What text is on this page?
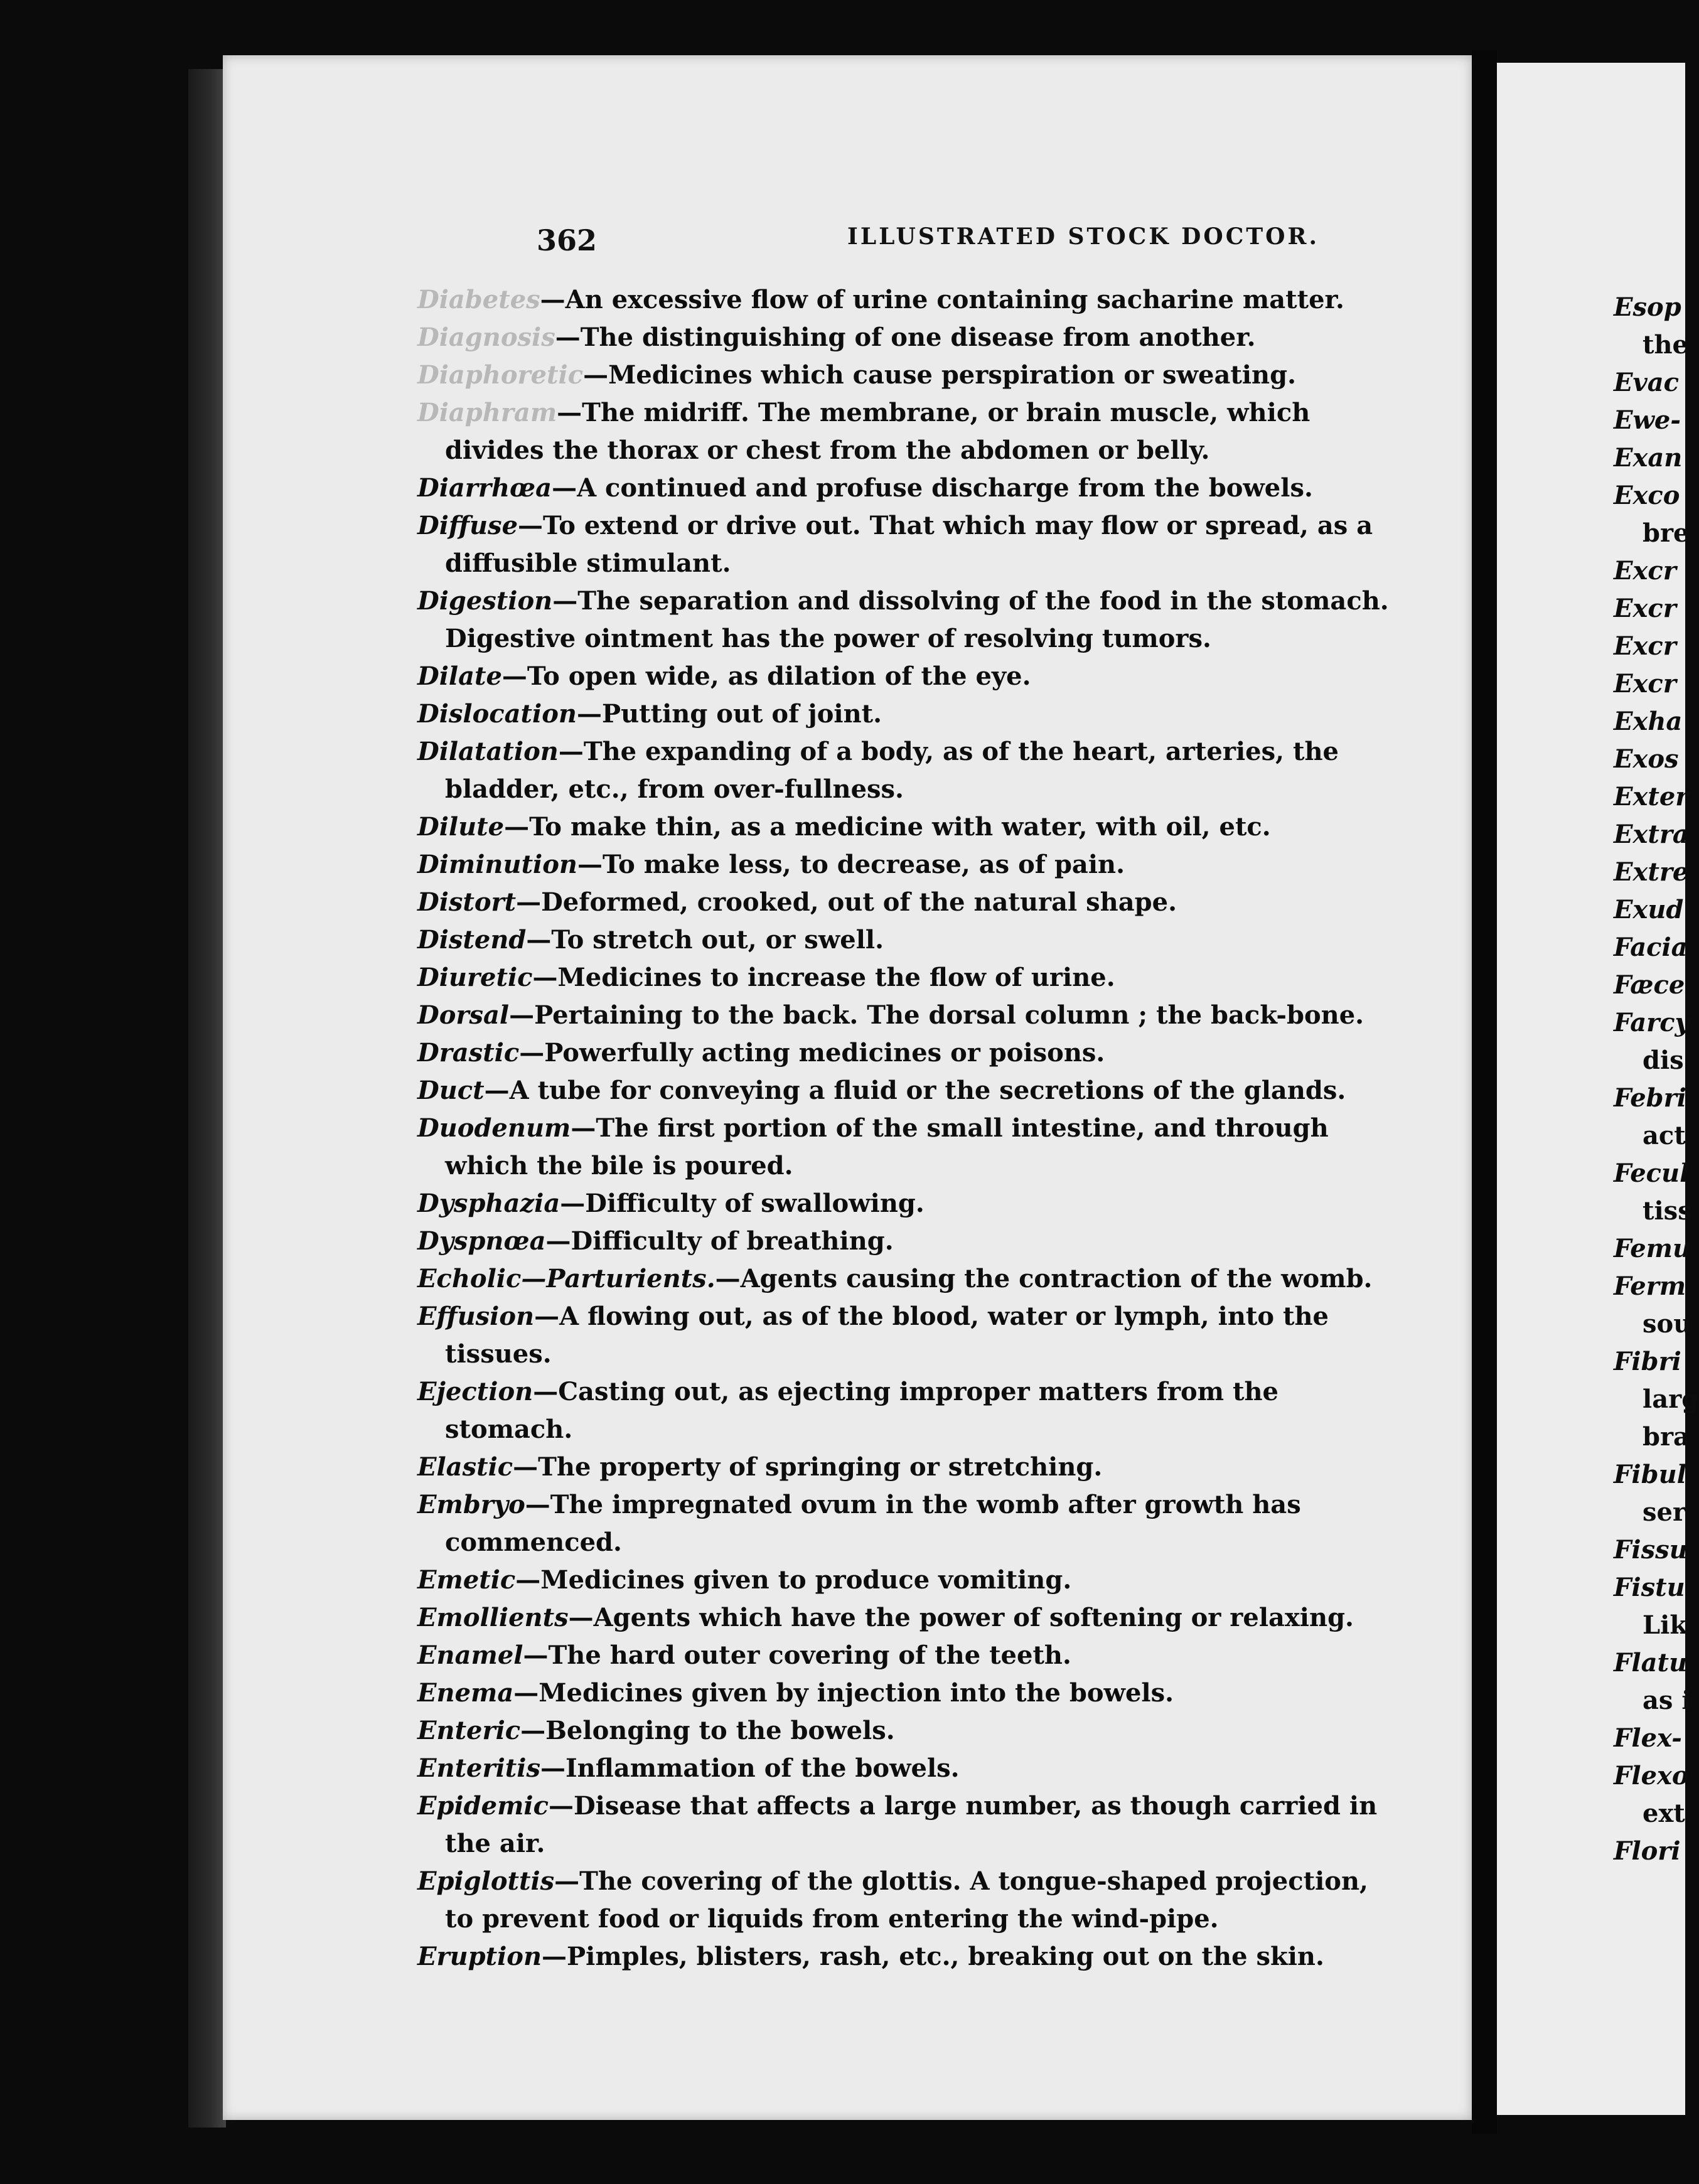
362	ILLUSTRATED STOCK DOCTOR.

Diabetes—An excessive flow of urine containing sacharine matter.

Diagnosis—The distinguishing of one disease from another.

Diaphoretic—Medicines which cause perspiration or sweating.

Diaphram—The midriff. The membrane, or brain muscle, which divides the thorax or chest from the abdomen or belly.

Diarrhœa—A continued and profuse discharge from the bowels.

Diffuse—To extend or drive out. That which may flow or spread, as a diffusible stimulant.

Digestion—The separation and dissolving of the food in the stomach. Digestive ointment has the power of resolving tumors.

Dilate—To open wide, as dilation of the eye.

Dislocation—Putting out of joint.

Dilatation—The expanding of a body, as of the heart, arteries, the bladder, etc., from over-fullness.

Dilute—To make thin, as a medicine with water, with oil, etc.

Diminution—To make less, to decrease, as of pain.

Distort—Deformed, crooked, out of the natural shape.

Distend—To stretch out, or swell.

Diuretic—Medicines to increase the flow of urine.

Dorsal—Pertaining to the back. The dorsal column ; the back-bone.

Drastic—Powerfully acting medicines or poisons.

Duct—A tube for conveying a fluid or the secretions of the glands.

Duodenum—The first portion of the small intestine, and through which the bile is poured.

Dysphazia—Difficulty of swallowing.

Dyspnœa—Difficulty of breathing.

Echolic—Parturients.—Agents causing the contraction of the womb.

Effusion—A flowing out, as of the blood, water or lymph, into the tissues.

Ejection—Casting out, as ejecting improper matters from the stomach.

Elastic—The property of springing or stretching.

Embryo—The impregnated ovum in the womb after growth has commenced.

Emetic—Medicines given to produce vomiting.

Emollients—Agents which have the power of softening or relaxing.

Enamel—The hard outer covering of the teeth.

Enema—Medicines given by injection into the bowels.

Enteric—Belonging to the bowels.

Enteritis—Inflammation of the bowels.

Epidemic—Disease that affects a large number, as though carried in the air.

Epiglottis—The covering of the glottis. A tongue-shaped projection, to prevent food or liquids from entering the wind-pipe.

Eruption—Pimples, blisters, rash, etc., breaking out on the skin.

Esop
the
Evac
Ewe-
Exan
Exco
bre
Excr
Excr
Excr
Excr
Exha
Exos
Exter
Extra
Extre
Exud
Facia
Fæce
Farcy
dis
Febri
act
Fecul
tiss
Femu
Ferm
sou
Fibri
larg
bra
Fibul
ser
Fissu
Fistu
Lik
Flatu
as i
Flex-
Flexo
ext
Flori
